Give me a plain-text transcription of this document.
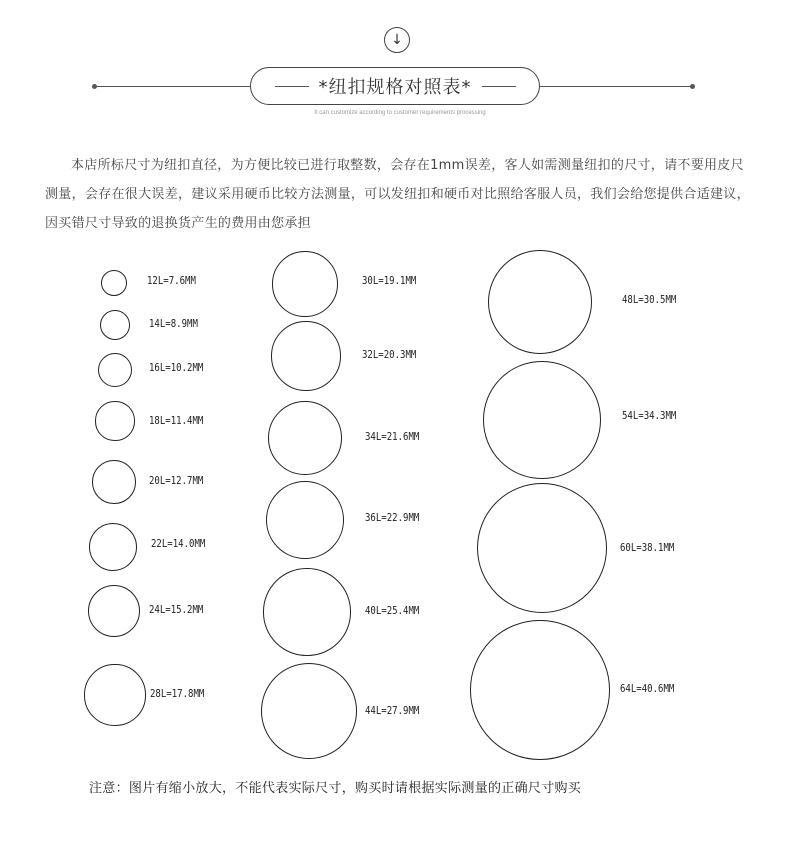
↓
*纽扣规格对照表*
It can customize according to customer requirements processing
本店所标尺寸为纽扣直径，为方便比较已进行取整数，会存在1mm误差，客人如需测量纽扣的尺寸，请不要用皮尺测量，会存在很大误差，建议采用硬币比较方法测量，可以发纽扣和硬币对比照给客服人员，我们会给您提供合适建议，因买错尺寸导致的退换货产生的费用由您承担
12L=7.6MM
14L=8.9MM
16L=10.2MM
18L=11.4MM
20L=12.7MM
22L=14.0MM
24L=15.2MM
28L=17.8MM
30L=19.1MM
32L=20.3MM
34L=21.6MM
36L=22.9MM
40L=25.4MM
44L=27.9MM
48L=30.5MM
54L=34.3MM
60L=38.1MM
64L=40.6MM
注意：图片有缩小放大，不能代表实际尺寸，购买时请根据实际测量的正确尺寸购买
